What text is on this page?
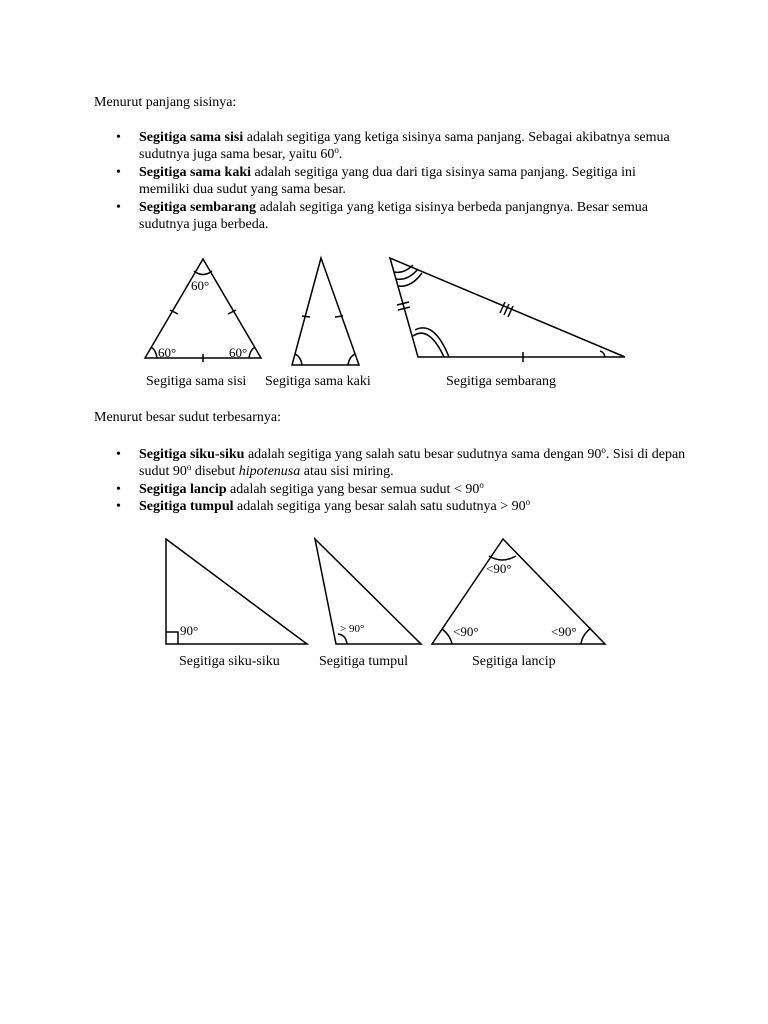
Menurut panjang sisinya:
• Segitiga sama sisi adalah segitiga yang ketiga sisinya sama panjang. Sebagai akibatnya semua sudutnya juga sama besar, yaitu 60$^o$.
• Segitiga sama kaki adalah segitiga yang dua dari tiga sisinya sama panjang. Segitiga ini memiliki dua sudut yang sama besar.
• Segitiga sembarang adalah segitiga yang ketiga sisinya berbeda panjangnya. Besar semua sudutnya juga berbeda.
60°
60°	60°
Segitiga sama sisi Segitiga sama kaki	Segitiga sembarang
Menurut besar sudut terbesarnya:
• Segitiga siku-siku adalah segitiga yang salah satu besar sudutnya sama dengan 90$^o$. Sisi di depan sudut 90$^o$ disebut hipotenusa atau sisi miring.
• Segitiga lancip adalah segitiga yang besar semua sudut < $90^o$
• Segitiga tumpul adalah segitiga yang besar salah satu sudutnya > $90^o$
90°	> 90°
<90°
<90°	<90°
Segitiga siku-siku	Segitiga tumpul	Segitiga lancip
